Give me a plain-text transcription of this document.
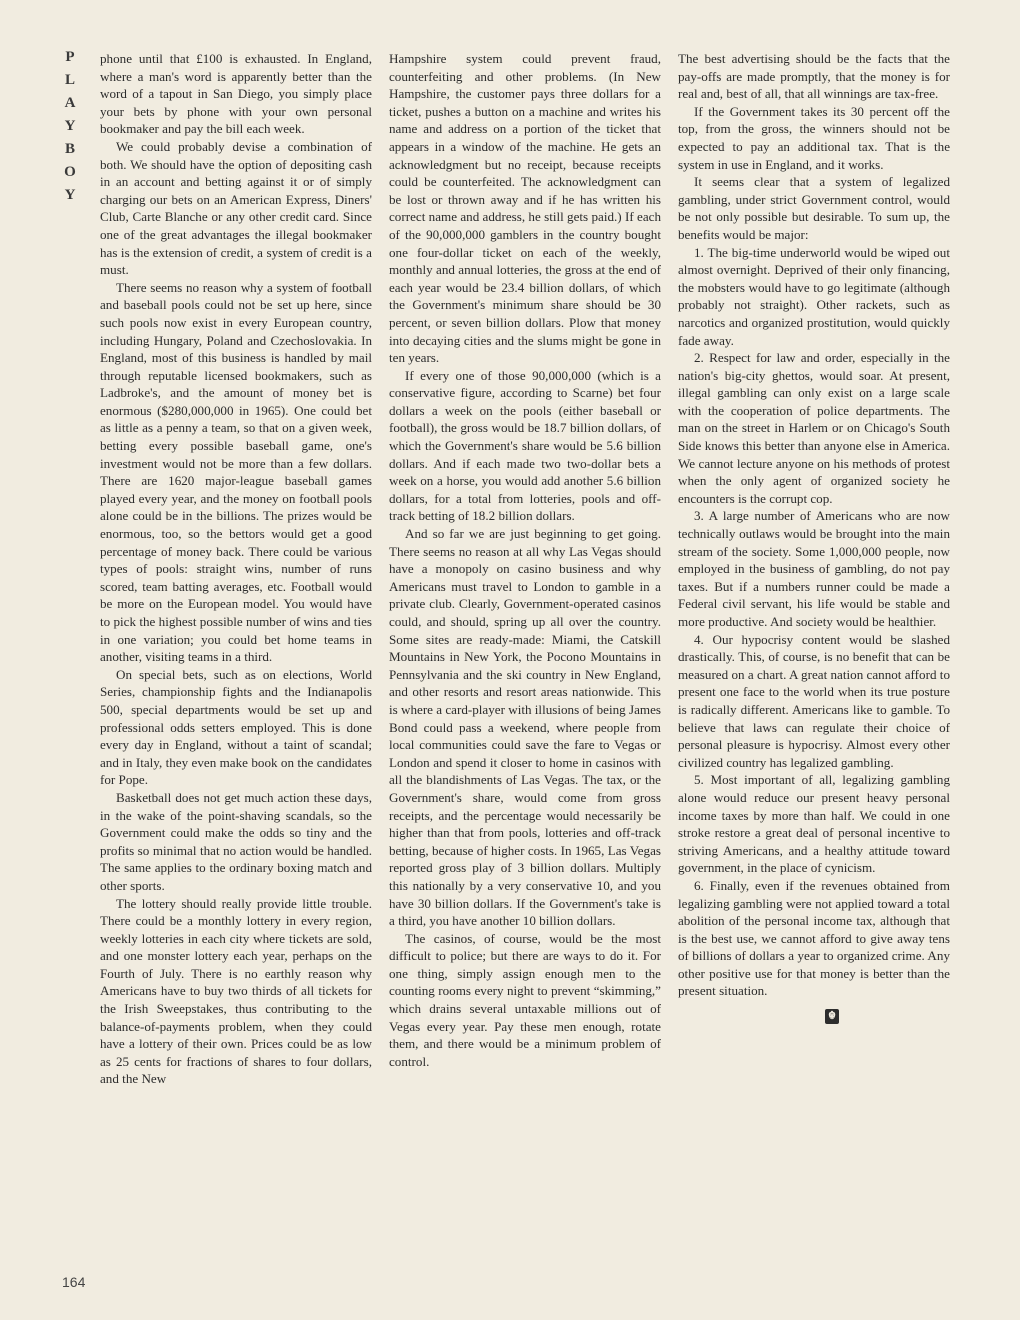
P
L
A
Y
B
O
Y
164

phone until that £100 is exhausted. In England, where a man's word is apparently better than the word of a tapout in San Diego, you simply place your bets by phone with your own personal bookmaker and pay the bill each week.

We could probably devise a combination of both. We should have the option of depositing cash in an account and betting against it or of simply charging our bets on an American Express, Diners' Club, Carte Blanche or any other credit card. Since one of the great advantages the illegal bookmaker has is the extension of credit, a system of credit is a must.

There seems no reason why a system of football and baseball pools could not be set up here, since such pools now exist in every European country, including Hungary, Poland and Czechoslovakia. In England, most of this business is handled by mail through reputable licensed bookmakers, such as Ladbroke's, and the amount of money bet is enormous ($280,000,000 in 1965). One could bet as little as a penny a team, so that on a given week, betting every possible baseball game, one's investment would not be more than a few dollars. There are 1620 major-league baseball games played every year, and the money on football pools alone could be in the billions. The prizes would be enormous, too, so the bettors would get a good percentage of money back. There could be various types of pools: straight wins, number of runs scored, team batting averages, etc. Football would be more on the European model. You would have to pick the highest possible number of wins and ties in one variation; you could bet home teams in another, visiting teams in a third.

On special bets, such as on elections, World Series, championship fights and the Indianapolis 500, special departments would be set up and professional odds setters employed. This is done every day in England, without a taint of scandal; and in Italy, they even make book on the candidates for Pope.

Basketball does not get much action these days, in the wake of the point-shaving scandals, so the Government could make the odds so tiny and the profits so minimal that no action would be handled. The same applies to the ordinary boxing match and other sports.

The lottery should really provide little trouble. There could be a monthly lottery in every region, weekly lotteries in each city where tickets are sold, and one monster lottery each year, perhaps on the Fourth of July. There is no earthly reason why Americans have to buy two thirds of all tickets for the Irish Sweepstakes, thus contributing to the balance-of-payments problem, when they could have a lottery of their own. Prices could be as low as 25 cents for fractions of shares to four dollars, and the New

Hampshire system could prevent fraud, counterfeiting and other problems. (In New Hampshire, the customer pays three dollars for a ticket, pushes a button on a machine and writes his name and address on a portion of the ticket that appears in a window of the machine. He gets an acknowledgment but no receipt, because receipts could be counterfeited. The acknowledgment can be lost or thrown away and if he has written his correct name and address, he still gets paid.) If each of the 90,000,000 gamblers in the country bought one four-dollar ticket on each of the weekly, monthly and annual lotteries, the gross at the end of each year would be 23.4 billion dollars, of which the Government's minimum share should be 30 percent, or seven billion dollars. Plow that money into decaying cities and the slums might be gone in ten years.

If every one of those 90,000,000 (which is a conservative figure, according to Scarne) bet four dollars a week on the pools (either baseball or football), the gross would be 18.7 billion dollars, of which the Government's share would be 5.6 billion dollars. And if each made two two-dollar bets a week on a horse, you would add another 5.6 billion dollars, for a total from lotteries, pools and off-track betting of 18.2 billion dollars.

And so far we are just beginning to get going. There seems no reason at all why Las Vegas should have a monopoly on casino business and why Americans must travel to London to gamble in a private club. Clearly, Government-operated casinos could, and should, spring up all over the country. Some sites are ready-made: Miami, the Catskill Mountains in New York, the Pocono Mountains in Pennsylvania and the ski country in New England, and other resorts and resort areas nationwide. This is where a card-player with illusions of being James Bond could pass a weekend, where people from local communities could save the fare to Vegas or London and spend it closer to home in casinos with all the blandishments of Las Vegas. The tax, or the Government's share, would come from gross receipts, and the percentage would necessarily be higher than that from pools, lotteries and off-track betting, because of higher costs. In 1965, Las Vegas reported gross play of 3 billion dollars. Multiply this nationally by a very conservative 10, and you have 30 billion dollars. If the Government's take is a third, you have another 10 billion dollars.

The casinos, of course, would be the most difficult to police; but there are ways to do it. For one thing, simply assign enough men to the counting rooms every night to prevent “skimming,” which drains several untaxable millions out of Vegas every year. Pay these men enough, rotate them, and there would be a minimum problem of control.

The best advertising should be the facts that the pay-offs are made promptly, that the money is for real and, best of all, that all winnings are tax-free.

If the Government takes its 30 percent off the top, from the gross, the winners should not be expected to pay an additional tax. That is the system in use in England, and it works.

It seems clear that a system of legalized gambling, under strict Government control, would be not only possible but desirable. To sum up, the benefits would be major:

1. The big-time underworld would be wiped out almost overnight. Deprived of their only financing, the mobsters would have to go legitimate (although probably not straight). Other rackets, such as narcotics and organized prostitution, would quickly fade away.

2. Respect for law and order, especially in the nation's big-city ghettos, would soar. At present, illegal gambling can only exist on a large scale with the cooperation of police departments. The man on the street in Harlem or on Chicago's South Side knows this better than anyone else in America. We cannot lecture anyone on his methods of protest when the only agent of organized society he encounters is the corrupt cop.

3. A large number of Americans who are now technically outlaws would be brought into the main stream of the society. Some 1,000,000 people, now employed in the business of gambling, do not pay taxes. But if a numbers runner could be made a Federal civil servant, his life would be stable and more productive. And society would be healthier.

4. Our hypocrisy content would be slashed drastically. This, of course, is no benefit that can be measured on a chart. A great nation cannot afford to present one face to the world when its true posture is radically different. Americans like to gamble. To believe that laws can regulate their choice of personal pleasure is hypocrisy. Almost every other civilized country has legalized gambling.

5. Most important of all, legalizing gambling alone would reduce our present heavy personal income taxes by more than half. We could in one stroke restore a great deal of personal incentive to striving Americans, and a healthy attitude toward government, in the place of cynicism.

6. Finally, even if the revenues obtained from legalizing gambling were not applied toward a total abolition of the personal income tax, although that is the best use, we cannot afford to give away tens of billions of dollars a year to organized crime. Any other positive use for that money is better than the present situation.

☬
